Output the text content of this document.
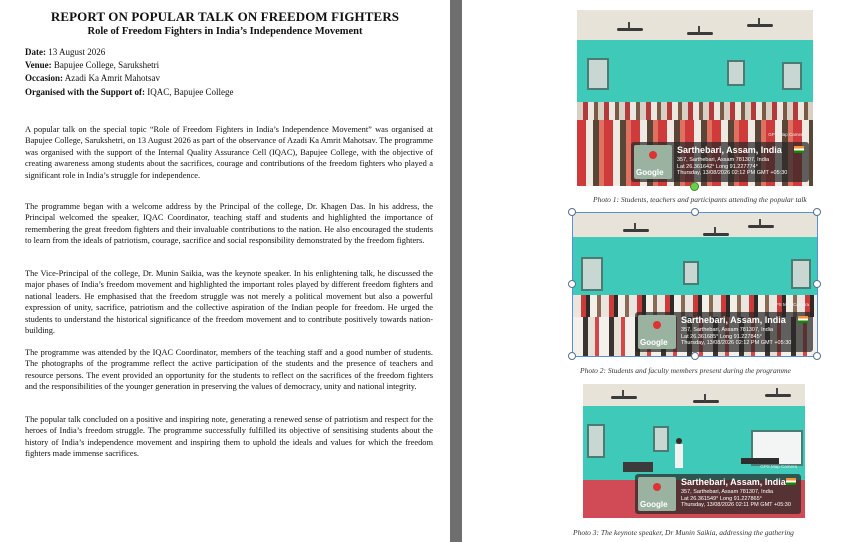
REPORT ON POPULAR TALK ON FREEDOM FIGHTERS
Role of Freedom Fighters in India’s Independence Movement
Date: 13 August 2026
Venue: Bapujee College, Sarukshetri
Occasion: Azadi Ka Amrit Mahotsav
Organised with the Support of: IQAC, Bapujee College
A popular talk on the special topic “Role of Freedom Fighters in India’s Independence Movement” was organised at Bapujee College, Sarukshetri, on 13 August 2026 as part of the observance of Azadi Ka Amrit Mahotsav. The programme was organised with the support of the Internal Quality Assurance Cell (IQAC), Bapujee College, with the objective of creating awareness among students about the sacrifices, courage and contributions of the freedom fighters who played a significant role in India’s struggle for independence.
The programme began with a welcome address by the Principal of the college, Dr. Khagen Das. In his address, the Principal welcomed the speaker, IQAC Coordinator, teaching staff and students and highlighted the importance of remembering the great freedom fighters and their invaluable contributions to the nation. He also encouraged the students to learn from the ideals of patriotism, courage, sacrifice and social responsibility demonstrated by the freedom fighters.
The Vice-Principal of the college, Dr. Munin Saikia, was the keynote speaker. In his enlightening talk, he discussed the major phases of India’s freedom movement and highlighted the important roles played by different freedom fighters and national leaders. He emphasised that the freedom struggle was not merely a political movement but also a powerful expression of unity, sacrifice, patriotism and the collective aspiration of the Indian people for freedom. He urged the students to understand the historical significance of the freedom movement and to contribute positively towards nation-building.
The programme was attended by the IQAC Coordinator, members of the teaching staff and a good number of students. The photographs of the programme reflect the active participation of the students and the presence of teachers and resource persons. The event provided an opportunity for the students to reflect on the sacrifices of the freedom fighters and the responsibilities of the younger generation in preserving the values of democracy, unity and national integrity.
The popular talk concluded on a positive and inspiring note, generating a renewed sense of patriotism and respect for the heroes of India’s freedom struggle. The programme successfully fulfilled its objective of sensitising students about the history of India’s independence movement and inspiring them to uphold the ideals and values for which the freedom fighters made immense sacrifices.
GPS Map Camera
Google
Sarthebari, Assam, India
357, Sarthebari, Assam 781307, India
Lat 26.361642° Long 91.227774°
Thursday, 13/08/2026 02:12 PM GMT +05:30
Photo 1: Students, teachers and participants attending the popular talk
GPS Map Camera
Google
Sarthebari, Assam, India
357, Sarthebari, Assam 781307, India
Lat 26.361685° Long 91.227845°
Thursday, 13/08/2026 02:12 PM GMT +05:30
Photo 2: Students and faculty members present during the programme
GPS Map Camera
Google
Sarthebari, Assam, India
357, Sarthebari, Assam 781307, India
Lat 26.361549° Long 91.227865°
Thursday, 13/08/2026 02:11 PM GMT +05:30
Photo 3: The keynote speaker, Dr Munin Saikia, addressing the gathering
